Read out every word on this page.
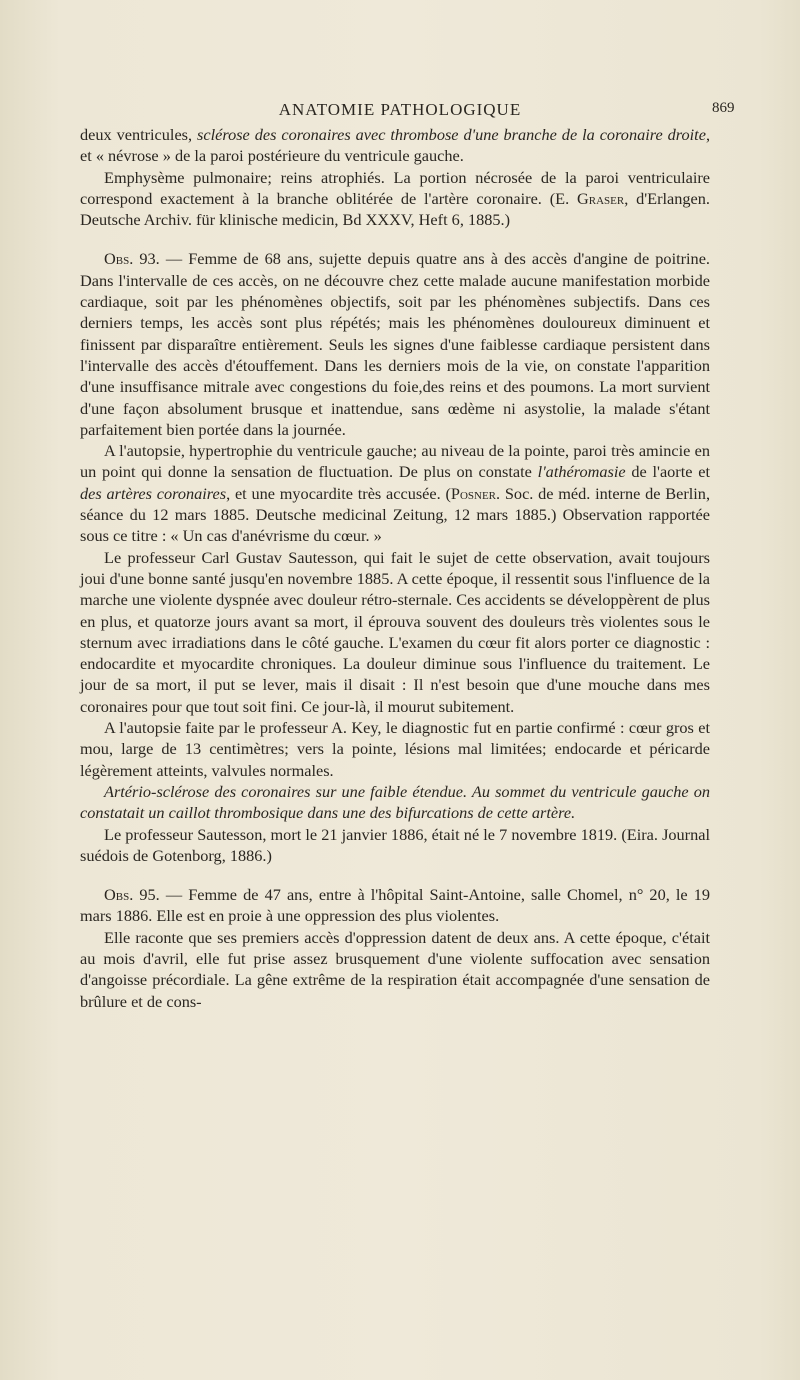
ANATOMIE PATHOLOGIQUE	869

deux ventricules, sclérose des coronaires avec thrombose d'une branche de la coronaire droite, et « névrose » de la paroi postérieure du ventricule gauche.

Emphysème pulmonaire; reins atrophiés. La portion nécrosée de la paroi ventriculaire correspond exactement à la branche oblitérée de l'artère coronaire. (E. Graser, d'Erlangen. Deutsche Archiv. für klinische medicin, Bd XXXV, Heft 6, 1885.)

Obs. 93. — Femme de 68 ans, sujette depuis quatre ans à des accès d'angine de poitrine. Dans l'intervalle de ces accès, on ne découvre chez cette malade aucune manifestation morbide cardiaque, soit par les phénomènes objectifs, soit par les phénomènes subjectifs. Dans ces derniers temps, les accès sont plus répétés; mais les phénomènes douloureux diminuent et finissent par disparaître entièrement. Seuls les signes d'une faiblesse cardiaque persistent dans l'intervalle des accès d'étouffement. Dans les derniers mois de la vie, on constate l'apparition d'une insuffisance mitrale avec congestions du foie,des reins et des poumons. La mort survient d'une façon absolument brusque et inattendue, sans œdème ni asystolie, la malade s'étant parfaitement bien portée dans la journée.

A l'autopsie, hypertrophie du ventricule gauche; au niveau de la pointe, paroi très amincie en un point qui donne la sensation de fluctuation. De plus on constate l'athéromasie de l'aorte et des artères coronaires, et une myocardite très accusée. (Posner. Soc. de méd. interne de Berlin, séance du 12 mars 1885. Deutsche medicinal Zeitung, 12 mars 1885.) Observation rapportée sous ce titre : « Un cas d'anévrisme du cœur. »

Le professeur Carl Gustav Sautesson, qui fait le sujet de cette observation, avait toujours joui d'une bonne santé jusqu'en novembre 1885. A cette époque, il ressentit sous l'influence de la marche une violente dyspnée avec douleur rétro-sternale. Ces accidents se développèrent de plus en plus, et quatorze jours avant sa mort, il éprouva souvent des douleurs très violentes sous le sternum avec irradiations dans le côté gauche. L'examen du cœur fit alors porter ce diagnostic : endocardite et myocardite chroniques. La douleur diminue sous l'influence du traitement. Le jour de sa mort, il put se lever, mais il disait : Il n'est besoin que d'une mouche dans mes coronaires pour que tout soit fini. Ce jour-là, il mourut subitement.

A l'autopsie faite par le professeur A. Key, le diagnostic fut en partie confirmé : cœur gros et mou, large de 13 centimètres; vers la pointe, lésions mal limitées; endocarde et péricarde légèrement atteints, valvules normales.

Artério-sclérose des coronaires sur une faible étendue. Au sommet du ventricule gauche on constatait un caillot thrombosique dans une des bifurcations de cette artère.

Le professeur Sautesson, mort le 21 janvier 1886, était né le 7 novembre 1819. (Eira. Journal suédois de Gotenborg, 1886.)

Obs. 95. — Femme de 47 ans, entre à l'hôpital Saint-Antoine, salle Chomel, n° 20, le 19 mars 1886. Elle est en proie à une oppression des plus violentes.

Elle raconte que ses premiers accès d'oppression datent de deux ans. A cette époque, c'était au mois d'avril, elle fut prise assez brusquement d'une violente suffocation avec sensation d'angoisse précordiale. La gêne extrême de la respiration était accompagnée d'une sensation de brûlure et de cons-
